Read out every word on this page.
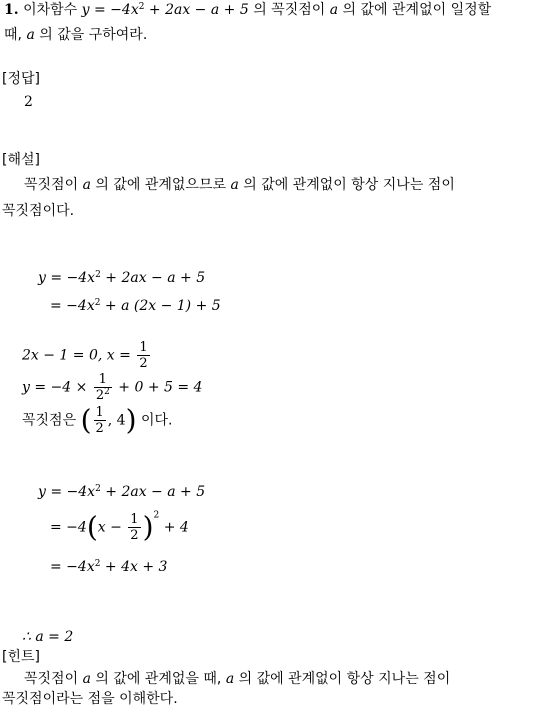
1. 이차함수 $y = -4x^2 + 2ax - a + 5$ 의 꼭짓점이 a 의 값에 관계없이 일정할
때, a 의 값을 구하여라.
[정답]
2
[해설]
꼭짓점이 a 의 값에 관계없으므로 a 의 값에 관계없이 항상 지나는 점이
꼭짓점이다.
$y = -4x^2 + 2ax - a + 5$
= $-4x^2 + a$ (2x − 1) + 5
2x − 1 = 0, $x = \frac{1}{2}$
$y = -4 \times \frac{1}{2^2} + 0 + 5 = 4$
꼭짓점은 ( $\frac{1}{2}$ , 4) 이다.
$y = -4x^2 + 2ax - a + 5$
= $-4(x - \frac{1}{2} )^2 + 4$
= $-4x^2 + 4x + 3$
∴ a = 2
[힌트]
꼭짓점이 a 의 값에 관계없을 때, a 의 값에 관계없이 항상 지나는 점이
꼭짓점이라는 점을 이해한다.
